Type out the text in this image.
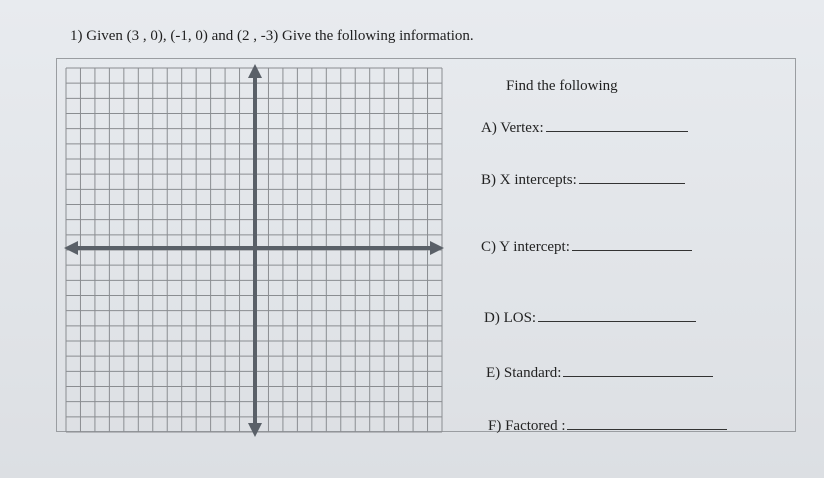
1) Given (3 , 0), (-1, 0) and (2 , -3) Give the following information.
Find the following
A) Vertex:
B) X intercepts:
C) Y intercept:
D) LOS:
E) Standard:
F) Factored :
